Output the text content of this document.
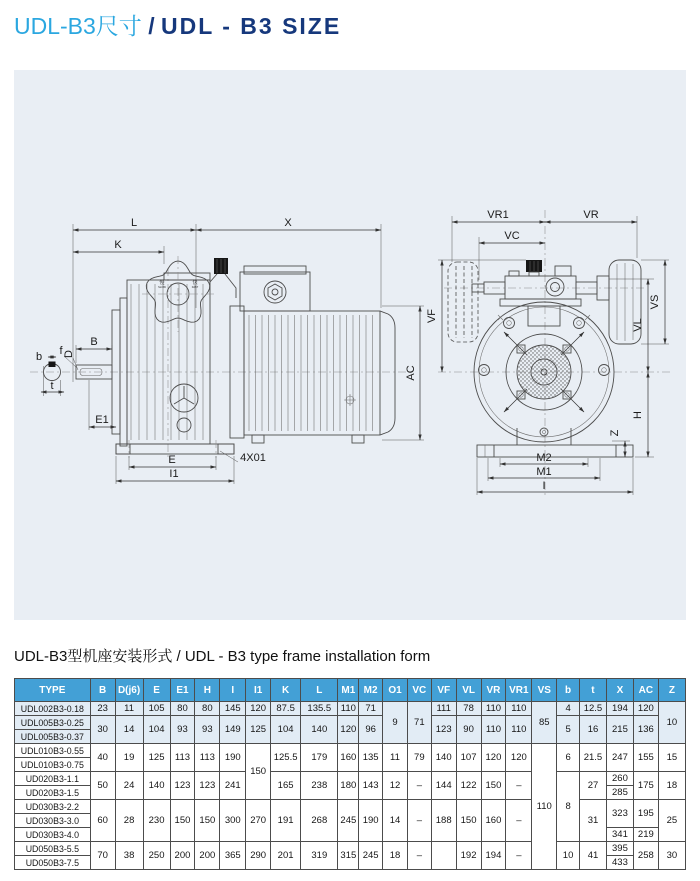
UDL-B3尺寸 / UDL - B3 SIZE
L	X
K
b
t
B
f D
慢
SLOW
快
FAST
AC
E1
E	4X01
I1
VR1	VR
VC
VS
VF
VL
H
Z
M2
M1
I
UDL-B3型机座安装形式 / UDL - B3 type frame installation form
TYPE	B	D(j6)	E	E1	H	I	I1	K	L	M1	M2	O1	VC	VF	VL	VR	VR1	VS	b	t	X	AC	Z
UDL002B3-0.18	23	11	105	80	80	145	120	87.5	135.5	110	71	9	71	111	78	110	110	85	4	12.5	194	120	10
UDL005B3-0.25	30	14	104	93	93	149	125	104	140	120	96			123	90	110	110		5	16	215	136	
UDL005B3-0.37																							
UDL010B3-0.55	40	19	125	113	113	190	150	125.5	179	160	135	11	79	140	107	120	120	110	6	21.5	247	155	15
UDL010B3-0.75																							
UD020B3-1.1	50	24	140	123	123	241		165	238	180	143	12	–	144	122	150	–		8	27	260	175	18
UD020B3-1.5																					285		
UD030B3-2.2	60	28	230	150	150	300	270	191	268	245	190	14	–	188	150	160	–			31	323	195	25
UD030B3-3.0																							
UD030B3-4.0																					341	219	
UD050B3-5.5	70	38	250	200	200	365	290	201	319	315	245	18	–		192	194	–		10	41	395	258	30
UD050B3-7.5																					433		
